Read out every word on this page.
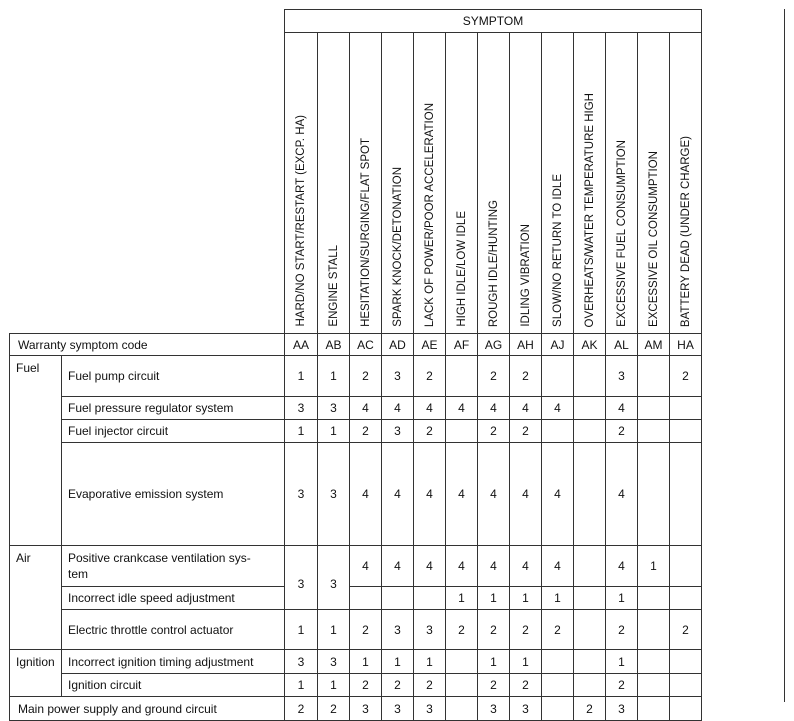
		SYMPTOM												

		HARD/NO START/RESTART (EXCP. HA)	ENGINE STALL	HESITATION/SURGING/FLAT SPOT	SPARK KNOCK/DETONATION	LACK OF POWER/POOR ACCELERATION	HIGH IDLE/LOW IDLE	ROUGH IDLE/HUNTING	IDLING VIBRATION	SLOW/NO RETURN TO IDLE	OVERHEATS/WATER TEMPERATURE HIGH	EXCESSIVE FUEL CONSUMPTION	EXCESSIVE OIL CONSUMPTION	BATTERY DEAD (UNDER CHARGE)

Warranty symptom code		AA	AB	AC	AD	AE	AF	AG	AH	AJ	AK	AL	AM	HA
Fuel	Fuel pump circuit	1	1	2	3	2		2	2			3		2
	Fuel pressure regulator system	3	3	4	4	4	4	4	4	4		4		
	Fuel injector circuit	1	1	2	3	2		2	2			2		
	Evaporative emission system	3	3	4	4	4	4	4	4	4		4		
Air	Positive crankcase ventilation sys-
tem	3	3	4	4	4	4	4	4	4		4	1	
	Incorrect idle speed adjustment						1	1	1	1		1		
	Electric throttle control actuator	1	1	2	3	3	2	2	2	2		2		2
Ignition	Incorrect ignition timing adjustment	3	3	1	1	1		1	1			1		
	Ignition circuit	1	1	2	2	2		2	2			2		
Main power supply and ground circuit		2	2	3	3	3		3	3		2	3		
